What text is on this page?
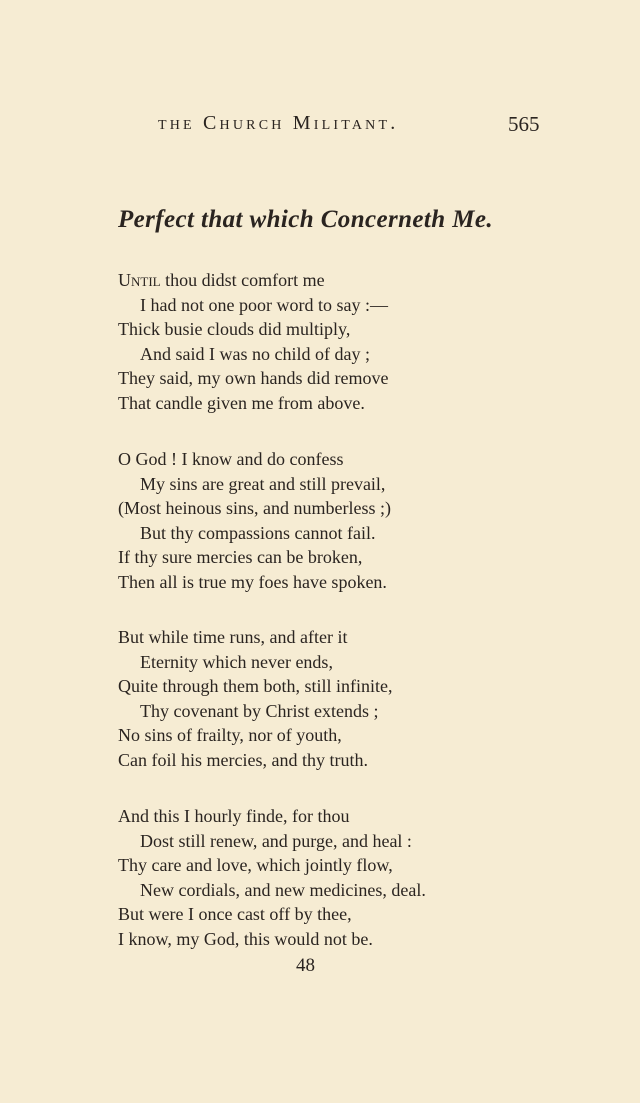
the Church Militant.	565
Perfect that which Concerneth Me.
Until thou didst comfort me
I had not one poor word to say :—
Thick busie clouds did multiply,
And said I was no child of day ;
They said, my own hands did remove
That candle given me from above.
O God ! I know and do confess
My sins are great and still prevail,
(Most heinous sins, and numberless ;)
But thy compassions cannot fail.
If thy sure mercies can be broken,
Then all is true my foes have spoken.
But while time runs, and after it
Eternity which never ends,
Quite through them both, still infinite,
Thy covenant by Christ extends ;
No sins of frailty, nor of youth,
Can foil his mercies, and thy truth.
And this I hourly finde, for thou
Dost still renew, and purge, and heal :
Thy care and love, which jointly flow,
New cordials, and new medicines, deal.
But were I once cast off by thee,
I know, my God, this would not be.
48
